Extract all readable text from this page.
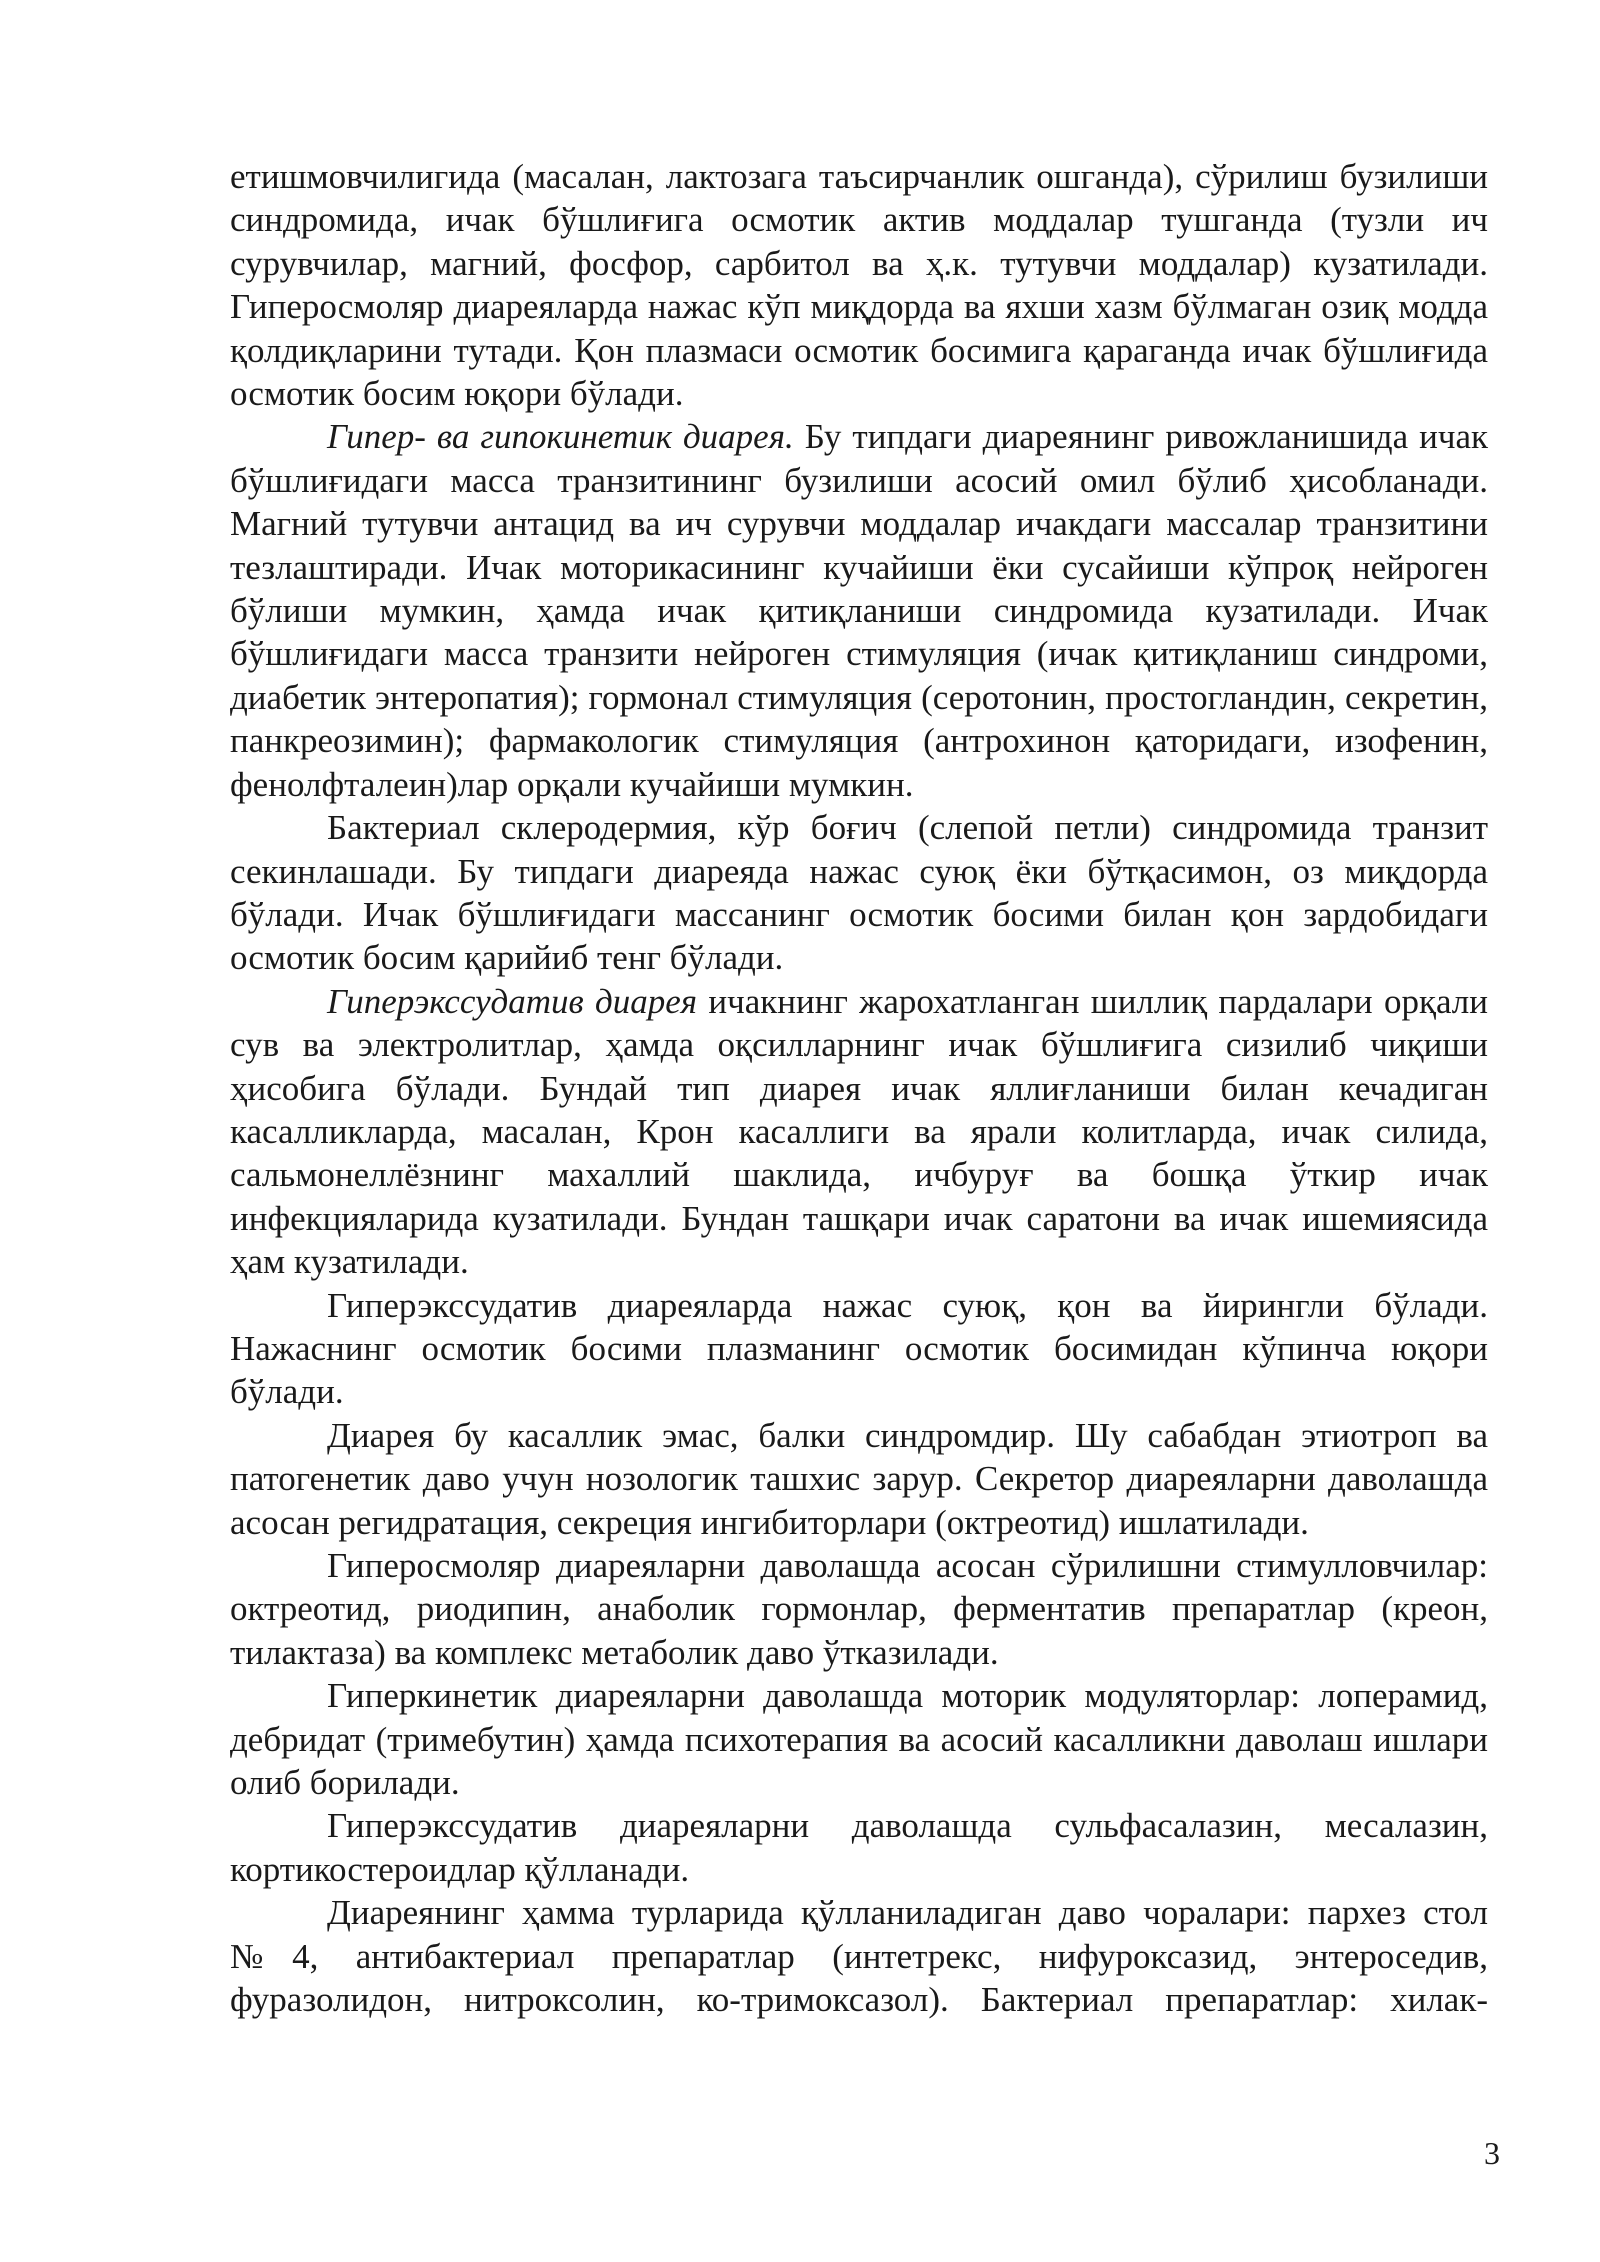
етишмовчилигида (масалан, лактозага таъсирчанлик ошганда), сўрилиш бузилиши синдромида, ичак бўшлиғига осмотик актив моддалар тушганда (тузли ич сурувчилар, магний, фосфор, сарбитол ва ҳ.к. тутувчи моддалар) кузатилади. Гиперосмоляр диареяларда нажас кўп миқдорда ва яхши хазм бўлмаган озиқ модда қолдиқларини тутади. Қон плазмаси осмотик босимига қараганда ичак бўшлиғида осмотик босим юқори бўлади.

Гипер- ва гипокинетик диарея. Бу типдаги диареянинг ривожланишида ичак бўшлиғидаги масса транзитининг бузилиши асосий омил бўлиб ҳисобланади. Магний тутувчи антацид ва ич сурувчи моддалар ичакдаги массалар транзитини тезлаштиради. Ичак моторикасининг кучайиши ёки сусайиши кўпроқ нейроген бўлиши мумкин, ҳамда ичак қитиқланиши синдромида кузатилади. Ичак бўшлиғидаги масса транзити нейроген стимуляция (ичак қитиқланиш синдроми, диабетик энтеропатия); гормонал стимуляция (серотонин, простогландин, секретин, панкреозимин); фармакологик стимуляция (антрохинон қаторидаги, изофенин, фенолфталеин)лар орқали кучайиши мумкин.

Бактериал склеродермия, кўр боғич (слепой петли) синдромида транзит секинлашади. Бу типдаги диареяда нажас суюқ ёки бўтқасимон, оз миқдорда бўлади. Ичак бўшлиғидаги массанинг осмотик босими билан қон зардобидаги осмотик босим қарийиб тенг бўлади.

Гиперэкссудатив диарея ичакнинг жарохатланган шиллиқ пардалари орқали сув ва электролитлар, ҳамда оқсилларнинг ичак бўшлиғига сизилиб чиқиши ҳисобига бўлади. Бундай тип диарея ичак яллиғланиши билан кечадиган касалликларда, масалан, Крон касаллиги ва ярали колитларда, ичак силида, сальмонеллёзнинг махаллий шаклида, ичбуруғ ва бошқа ўткир ичак инфекцияларида кузатилади. Бундан ташқари ичак саратони ва ичак ишемиясида ҳам кузатилади.

Гиперэкссудатив диареяларда нажас суюқ, қон ва йирингли бўлади. Нажаснинг осмотик босими плазманинг осмотик босимидан кўпинча юқори бўлади.

Диарея бу касаллик эмас, балки синдромдир. Шу сабабдан этиотроп ва патогенетик даво учун нозологик ташхис зарур. Секретор диареяларни даволашда асосан регидратация, секреция ингибиторлари (октреотид) ишлатилади.

Гиперосмоляр диареяларни даволашда асосан сўрилишни стимулловчилар: октреотид, риодипин, анаболик гормонлар, ферментатив препаратлар (креон, тилактаза) ва комплекс метаболик даво ўтказилади.

Гиперкинетик диареяларни даволашда моторик модуляторлар: лоперамид, дебридат (тримебутин) ҳамда психотерапия ва асосий касалликни даволаш ишлари олиб борилади.

Гиперэкссудатив диареяларни даволашда сульфасалазин, месалазин, кортикостероидлар қўлланади.

Диареянинг ҳамма турларида қўлланиладиган даво чоралари: пархез стол №4, антибактериал препаратлар (интетрекс, нифуроксазид, энтероседив, фуразолидон, нитроксолин, ко-тримоксазол). Бактериал препаратлар: хилак-

3
